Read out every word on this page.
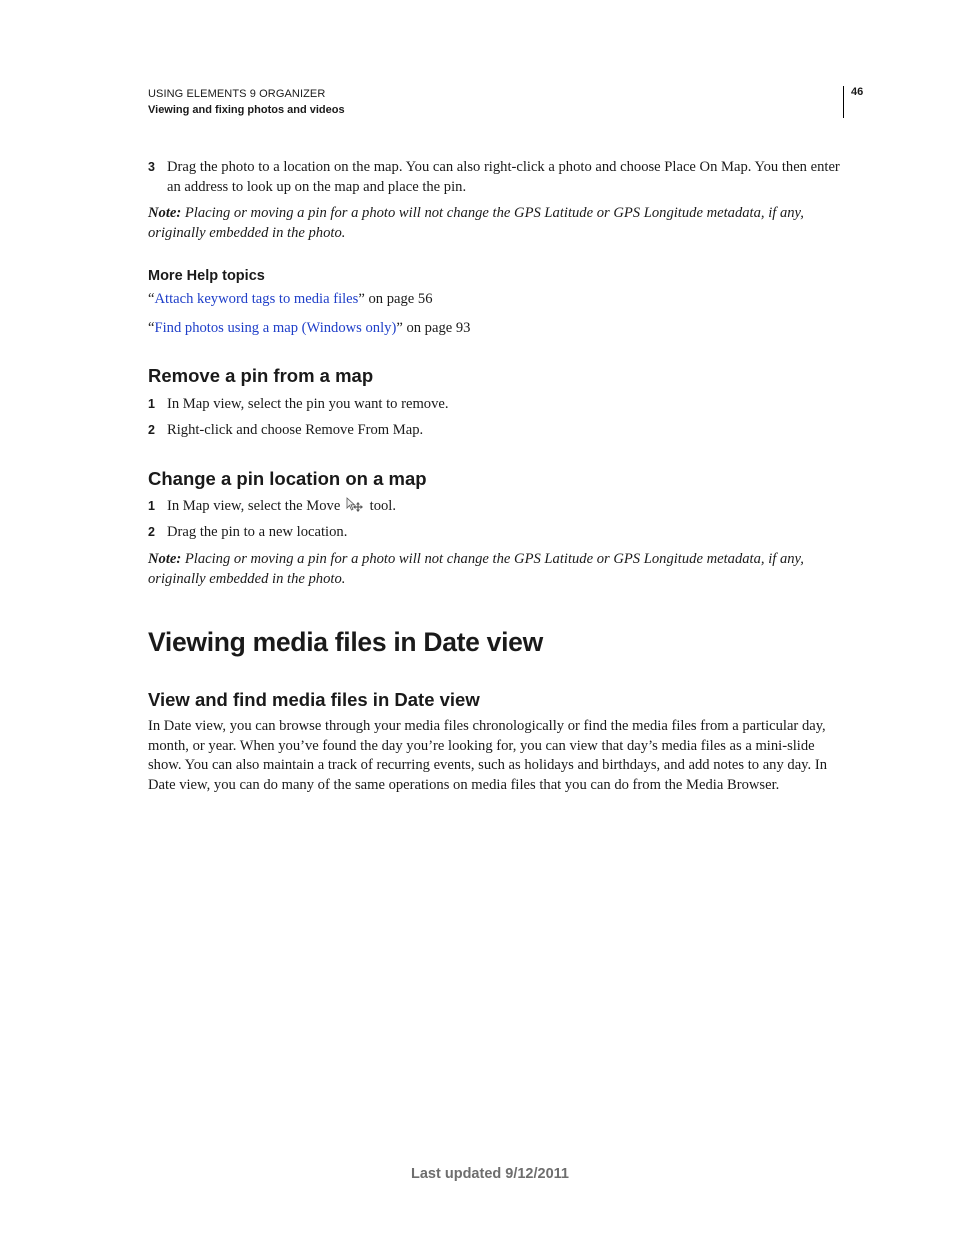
USING ELEMENTS 9 ORGANIZER
Viewing and fixing photos and videos
46
3 Drag the photo to a location on the map. You can also right-click a photo and choose Place On Map. You then enter an address to look up on the map and place the pin.
Note: Placing or moving a pin for a photo will not change the GPS Latitude or GPS Longitude metadata, if any, originally embedded in the photo.
More Help topics
“Attach keyword tags to media files” on page 56
“Find photos using a map (Windows only)” on page 93
Remove a pin from a map
1 In Map view, select the pin you want to remove.
2 Right-click and choose Remove From Map.
Change a pin location on a map
1 In Map view, select the Move tool.
2 Drag the pin to a new location.
Note: Placing or moving a pin for a photo will not change the GPS Latitude or GPS Longitude metadata, if any, originally embedded in the photo.
Viewing media files in Date view
View and find media files in Date view
In Date view, you can browse through your media files chronologically or find the media files from a particular day, month, or year. When you’ve found the day you’re looking for, you can view that day’s media files as a mini-slide show. You can also maintain a track of recurring events, such as holidays and birthdays, and add notes to any day. In Date view, you can do many of the same operations on media files that you can do from the Media Browser.
Last updated 9/12/2011
